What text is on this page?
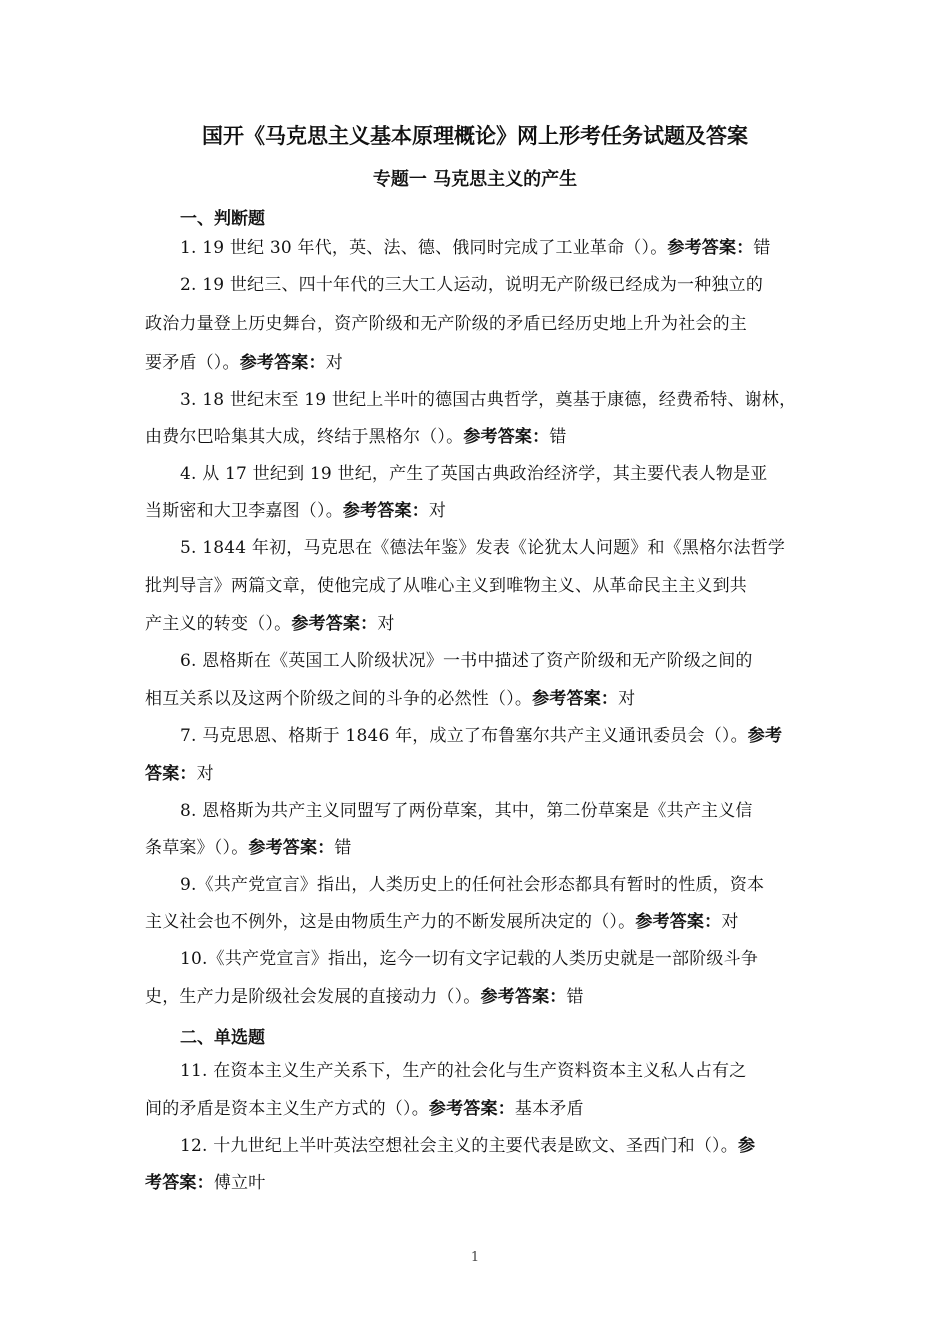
国开《马克思主义基本原理概论》网上形考任务试题及答案
专题一 马克思主义的产生
一、判断题
1. 19 世纪 30 年代，英、法、德、俄同时完成了工业革命（）。参考答案：错
2. 19 世纪三、四十年代的三大工人运动，说明无产阶级已经成为一种独立的
政治力量登上历史舞台，资产阶级和无产阶级的矛盾已经历史地上升为社会的主
要矛盾（）。参考答案：对
3. 18 世纪末至 19 世纪上半叶的德国古典哲学，奠基于康德，经费希特、谢林，
由费尔巴哈集其大成，终结于黑格尔（）。参考答案：错
4. 从 17 世纪到 19 世纪，产生了英国古典政治经济学，其主要代表人物是亚
当斯密和大卫李嘉图（）。参考答案：对
5. 1844 年初，马克思在《德法年鉴》发表《论犹太人问题》和《黑格尔法哲学
批判导言》两篇文章，使他完成了从唯心主义到唯物主义、从革命民主主义到共
产主义的转变（）。参考答案：对
6. 恩格斯在《英国工人阶级状况》一书中描述了资产阶级和无产阶级之间的
相互关系以及这两个阶级之间的斗争的必然性（）。参考答案：对
7. 马克思恩、格斯于 1846 年，成立了布鲁塞尔共产主义通讯委员会（）。参考
答案：对
8. 恩格斯为共产主义同盟写了两份草案，其中，第二份草案是《共产主义信
条草案》（）。参考答案：错
9.《共产党宣言》指出，人类历史上的任何社会形态都具有暂时的性质，资本
主义社会也不例外，这是由物质生产力的不断发展所决定的（）。参考答案：对
10.《共产党宣言》指出，迄今一切有文字记载的人类历史就是一部阶级斗争
史，生产力是阶级社会发展的直接动力（）。参考答案：错
二、单选题
11. 在资本主义生产关系下，生产的社会化与生产资料资本主义私人占有之
间的矛盾是资本主义生产方式的（）。参考答案：基本矛盾
12. 十九世纪上半叶英法空想社会主义的主要代表是欧文、圣西门和（）。参
考答案：傅立叶
1
